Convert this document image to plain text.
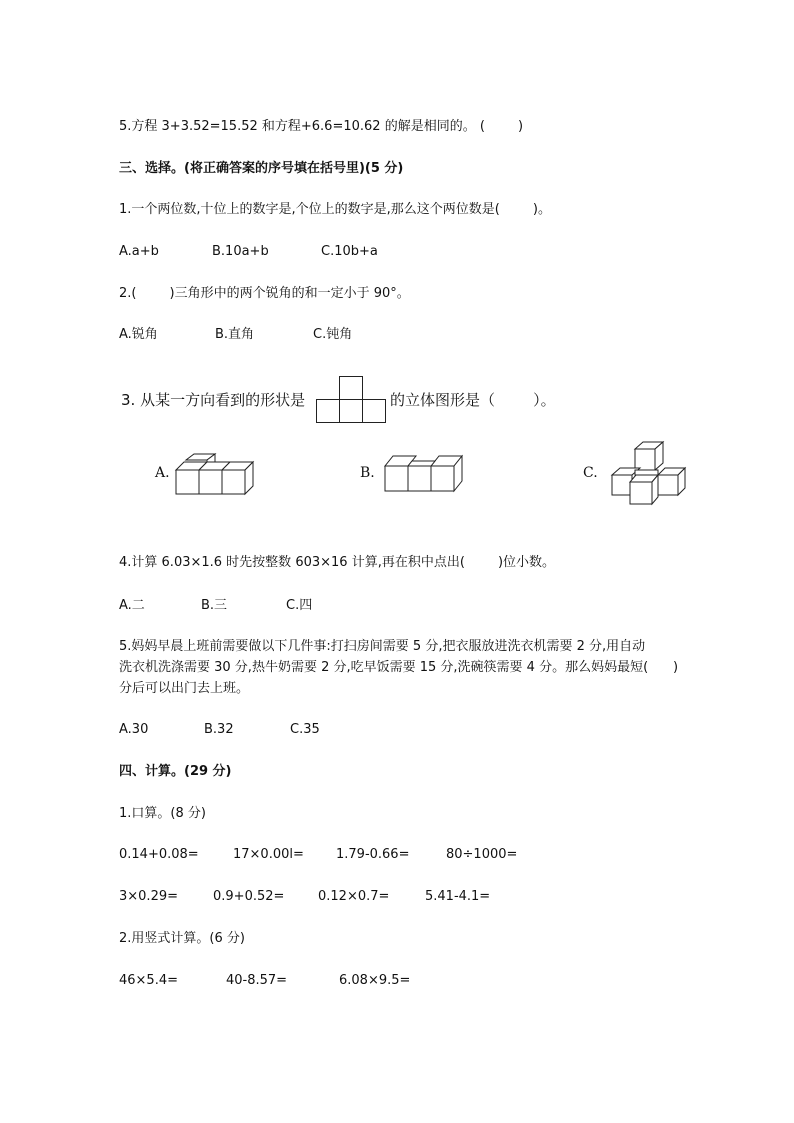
5.方程 3+3.52=15.52 和方程+6.6=10.62 的解是相同的。 (        )
三、选择。(将正确答案的序号填在括号里)(5 分)
1.一个两位数,十位上的数字是,个位上的数字是,那么这个两位数是(        )。
A.a+b	B.10a+b	C.10b+a
2.(        )三角形中的两个锐角的和一定小于 90°。
A.锐角	B.直角	C.钝角
3. 从某一方向看到的形状是	的立体图形是（        ）。
A.	B.	C.
4.计算 6.03×1.6 时先按整数 603×16 计算,再在积中点出(        )位小数。
A.二	B.三	C.四
5.妈妈早晨上班前需要做以下几件事:打扫房间需要 5 分,把衣服放进洗衣机需要 2 分,用自动
洗衣机洗涤需要 30 分,热牛奶需要 2 分,吃早饭需要 15 分,洗碗筷需要 4 分。那么妈妈最短(      )
分后可以出门去上班。
A.30	B.32	C.35
四、计算。(29 分)
1.口算。(8 分)
0.14+0.08=	17×0.00l= 1.79-0.66=	80÷1000=
3×0.29=	0.9+0.52=	0.12×0.7=	5.41-4.1=
2.用竖式计算。(6 分)
46×5.4=	40-8.57=	6.08×9.5=
